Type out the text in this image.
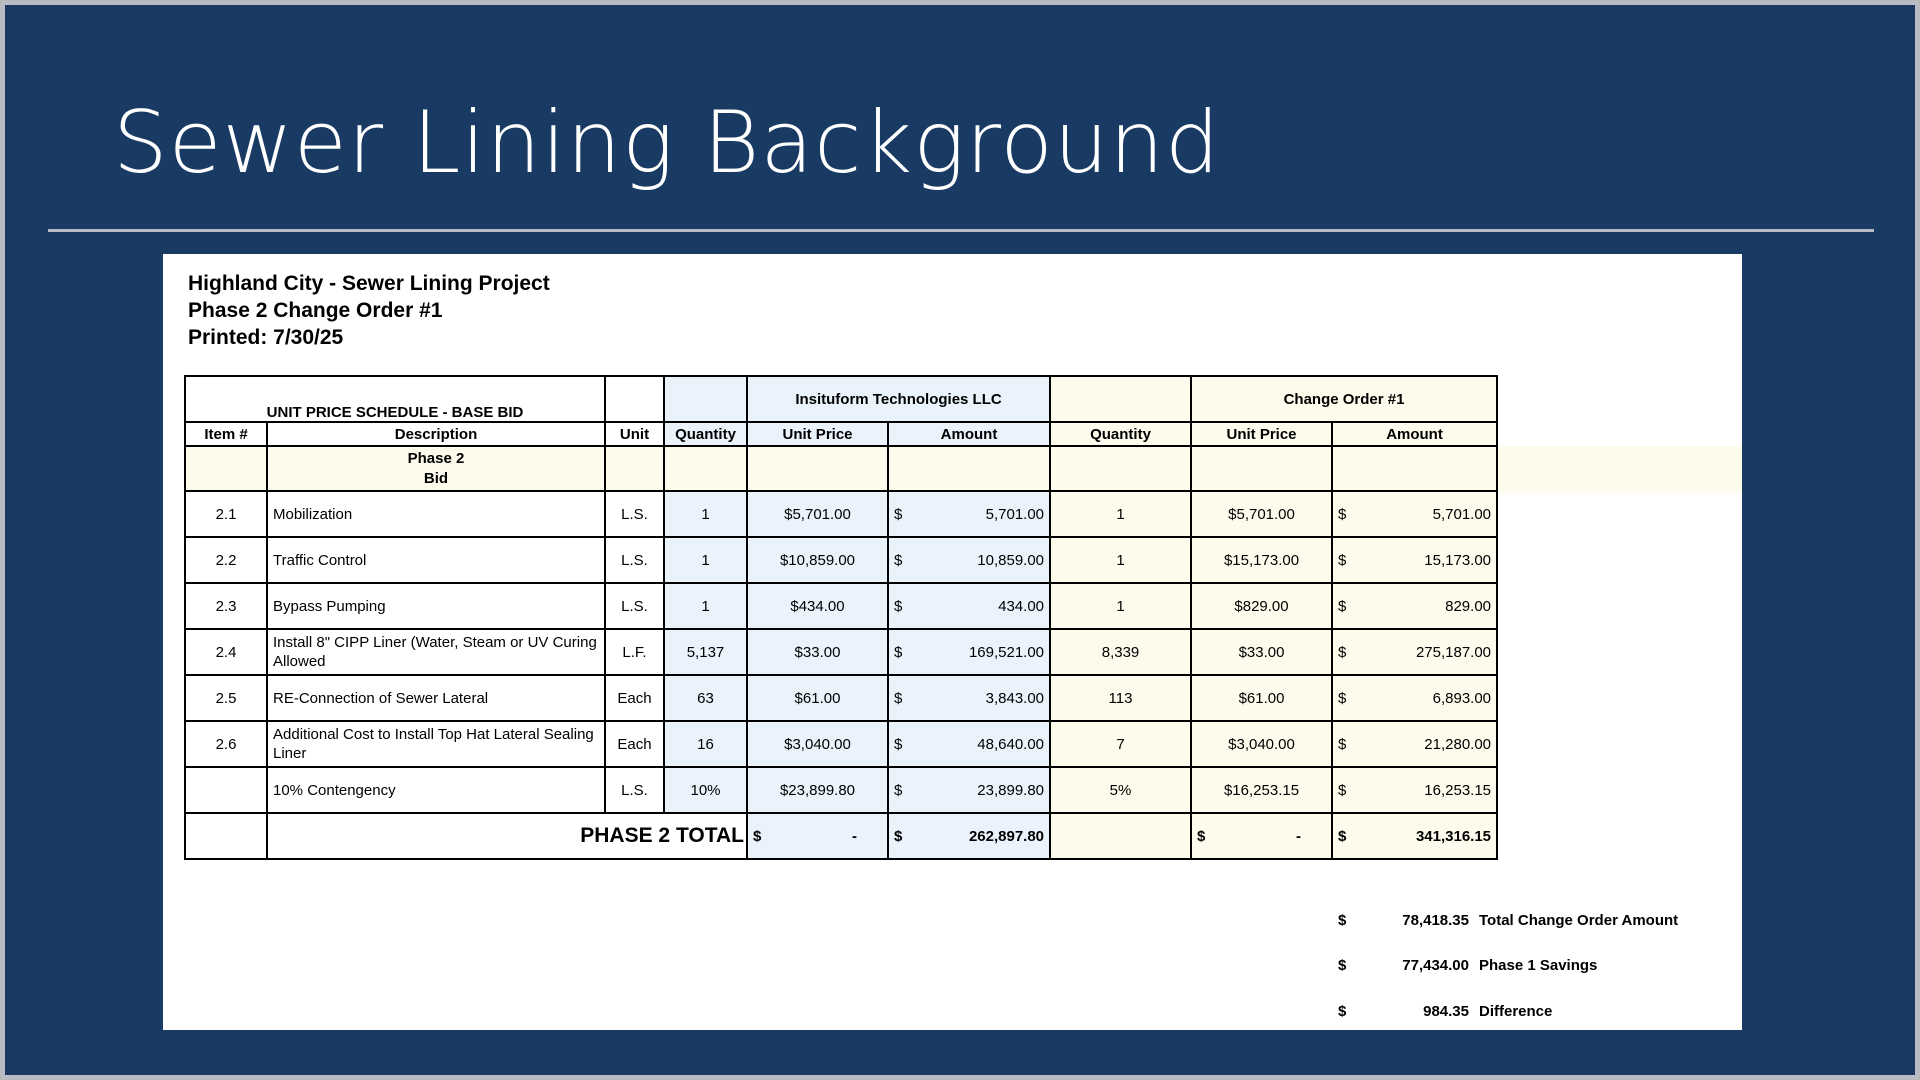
Sewer Lining Background
Highland City - Sewer Lining Project
Phase 2 Change Order #1
Printed: 7/30/25
UNIT PRICE SCHEDULE - BASE BID				Insituform Technologies LLC			Change Order #1	
Item #	Description	Unit	Quantity	Unit Price	Amount	Quantity	Unit Price	Amount

	Phase 2
Bid							

2.1	Mobilization	L.S.	1	$5,701.00	$ 5,701.00	1	$5,701.00	$ 5,701.00

2.2	Traffic Control	L.S.	1	$10,859.00	$ 10,859.00	1	$15,173.00	$ 15,173.00

2.3	Bypass Pumping	L.S.	1	$434.00	$ 434.00	1	$829.00	$ 829.00

2.4	Install 8" CIPP Liner (Water, Steam or UV Curing Allowed	L.F.	5,137	$33.00	$ 169,521.00	8,339	$33.00	$ 275,187.00

2.5	RE-Connection of Sewer Lateral	Each	63	$61.00	$ 3,843.00	113	$61.00	$ 6,893.00

2.6	Additional Cost to Install Top Hat Lateral Sealing Liner	Each	16	$3,040.00	$ 48,640.00	7	$3,040.00	$ 21,280.00

	10% Contengency	L.S.	10%	$23,899.80	$ 23,899.80	5%	$16,253.15	$ 16,253.15

	PHASE 2 TOTAL			$ -	$ 262,897.80		$ -	$ 341,316.15
$	78,418.35 Total Change Order Amount
$	77,434.00 Phase 1 Savings
$	984.35 Difference
